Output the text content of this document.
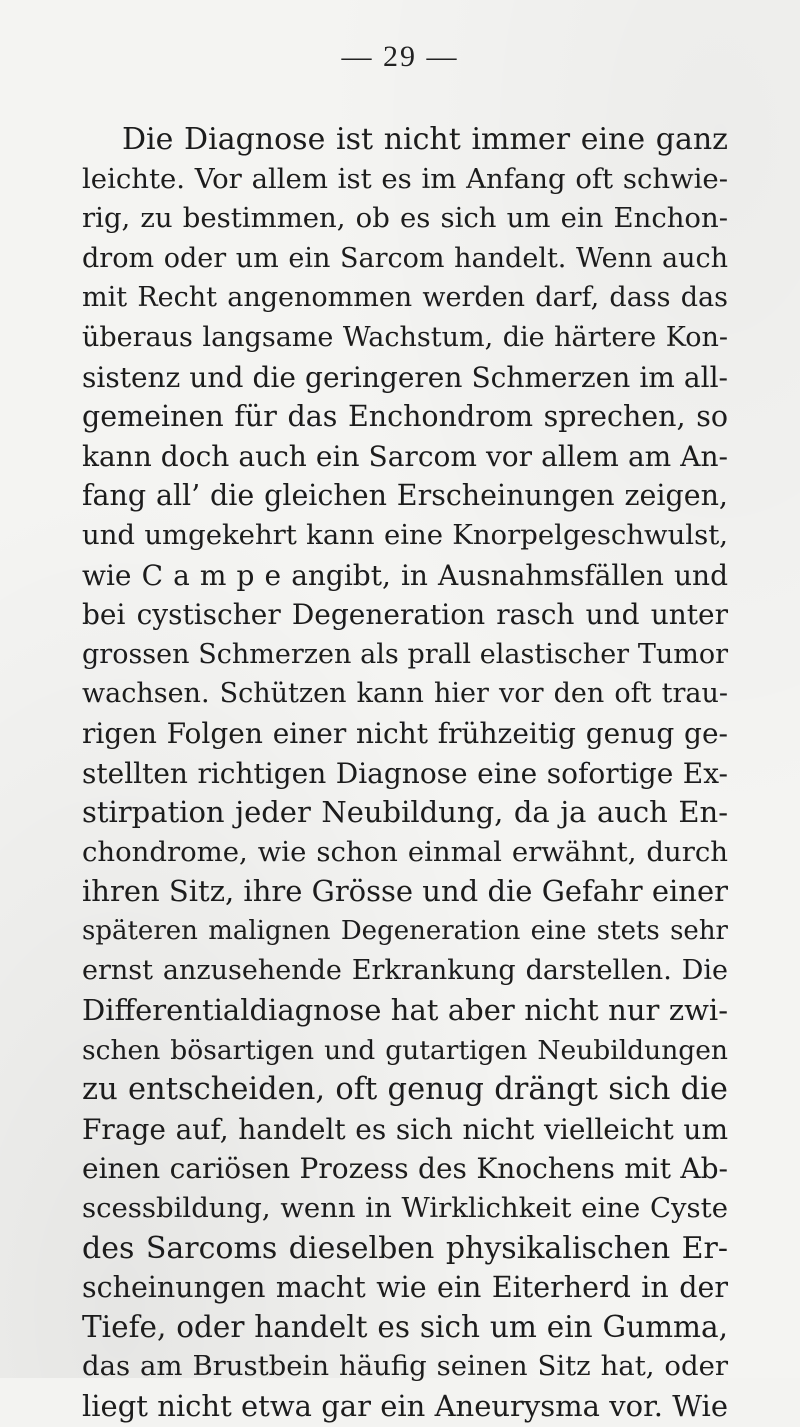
— 29 —
Die Diagnose ist nicht immer eine ganz
leichte. Vor allem ist es im Anfang oft schwie-
rig, zu bestimmen, ob es sich um ein Enchon-
drom oder um ein Sarcom handelt. Wenn auch
mit Recht angenommen werden darf, dass das
überaus langsame Wachstum, die härtere Kon-
sistenz und die geringeren Schmerzen im all-
gemeinen für das Enchondrom sprechen, so
kann doch auch ein Sarcom vor allem am An-
fang all’ die gleichen Erscheinungen zeigen,
und umgekehrt kann eine Knorpelgeschwulst,
wie C a m p e angibt, in Ausnahmsfällen und
bei cystischer Degeneration rasch und unter
grossen Schmerzen als prall elastischer Tumor
wachsen. Schützen kann hier vor den oft trau-
rigen Folgen einer nicht frühzeitig genug ge-
stellten richtigen Diagnose eine sofortige Ex-
stirpation jeder Neubildung, da ja auch En-
chondrome, wie schon einmal erwähnt, durch
ihren Sitz, ihre Grösse und die Gefahr einer
späteren malignen Degeneration eine stets sehr
ernst anzusehende Erkrankung darstellen. Die
Differentialdiagnose hat aber nicht nur zwi-
schen bösartigen und gutartigen Neubildungen
zu entscheiden, oft genug drängt sich die
Frage auf, handelt es sich nicht vielleicht um
einen cariösen Prozess des Knochens mit Ab-
scessbildung, wenn in Wirklichkeit eine Cyste
des Sarcoms dieselben physikalischen Er-
scheinungen macht wie ein Eiterherd in der
Tiefe, oder handelt es sich um ein Gumma,
das am Brustbein häufig seinen Sitz hat, oder
liegt nicht etwa gar ein Aneurysma vor. Wie
